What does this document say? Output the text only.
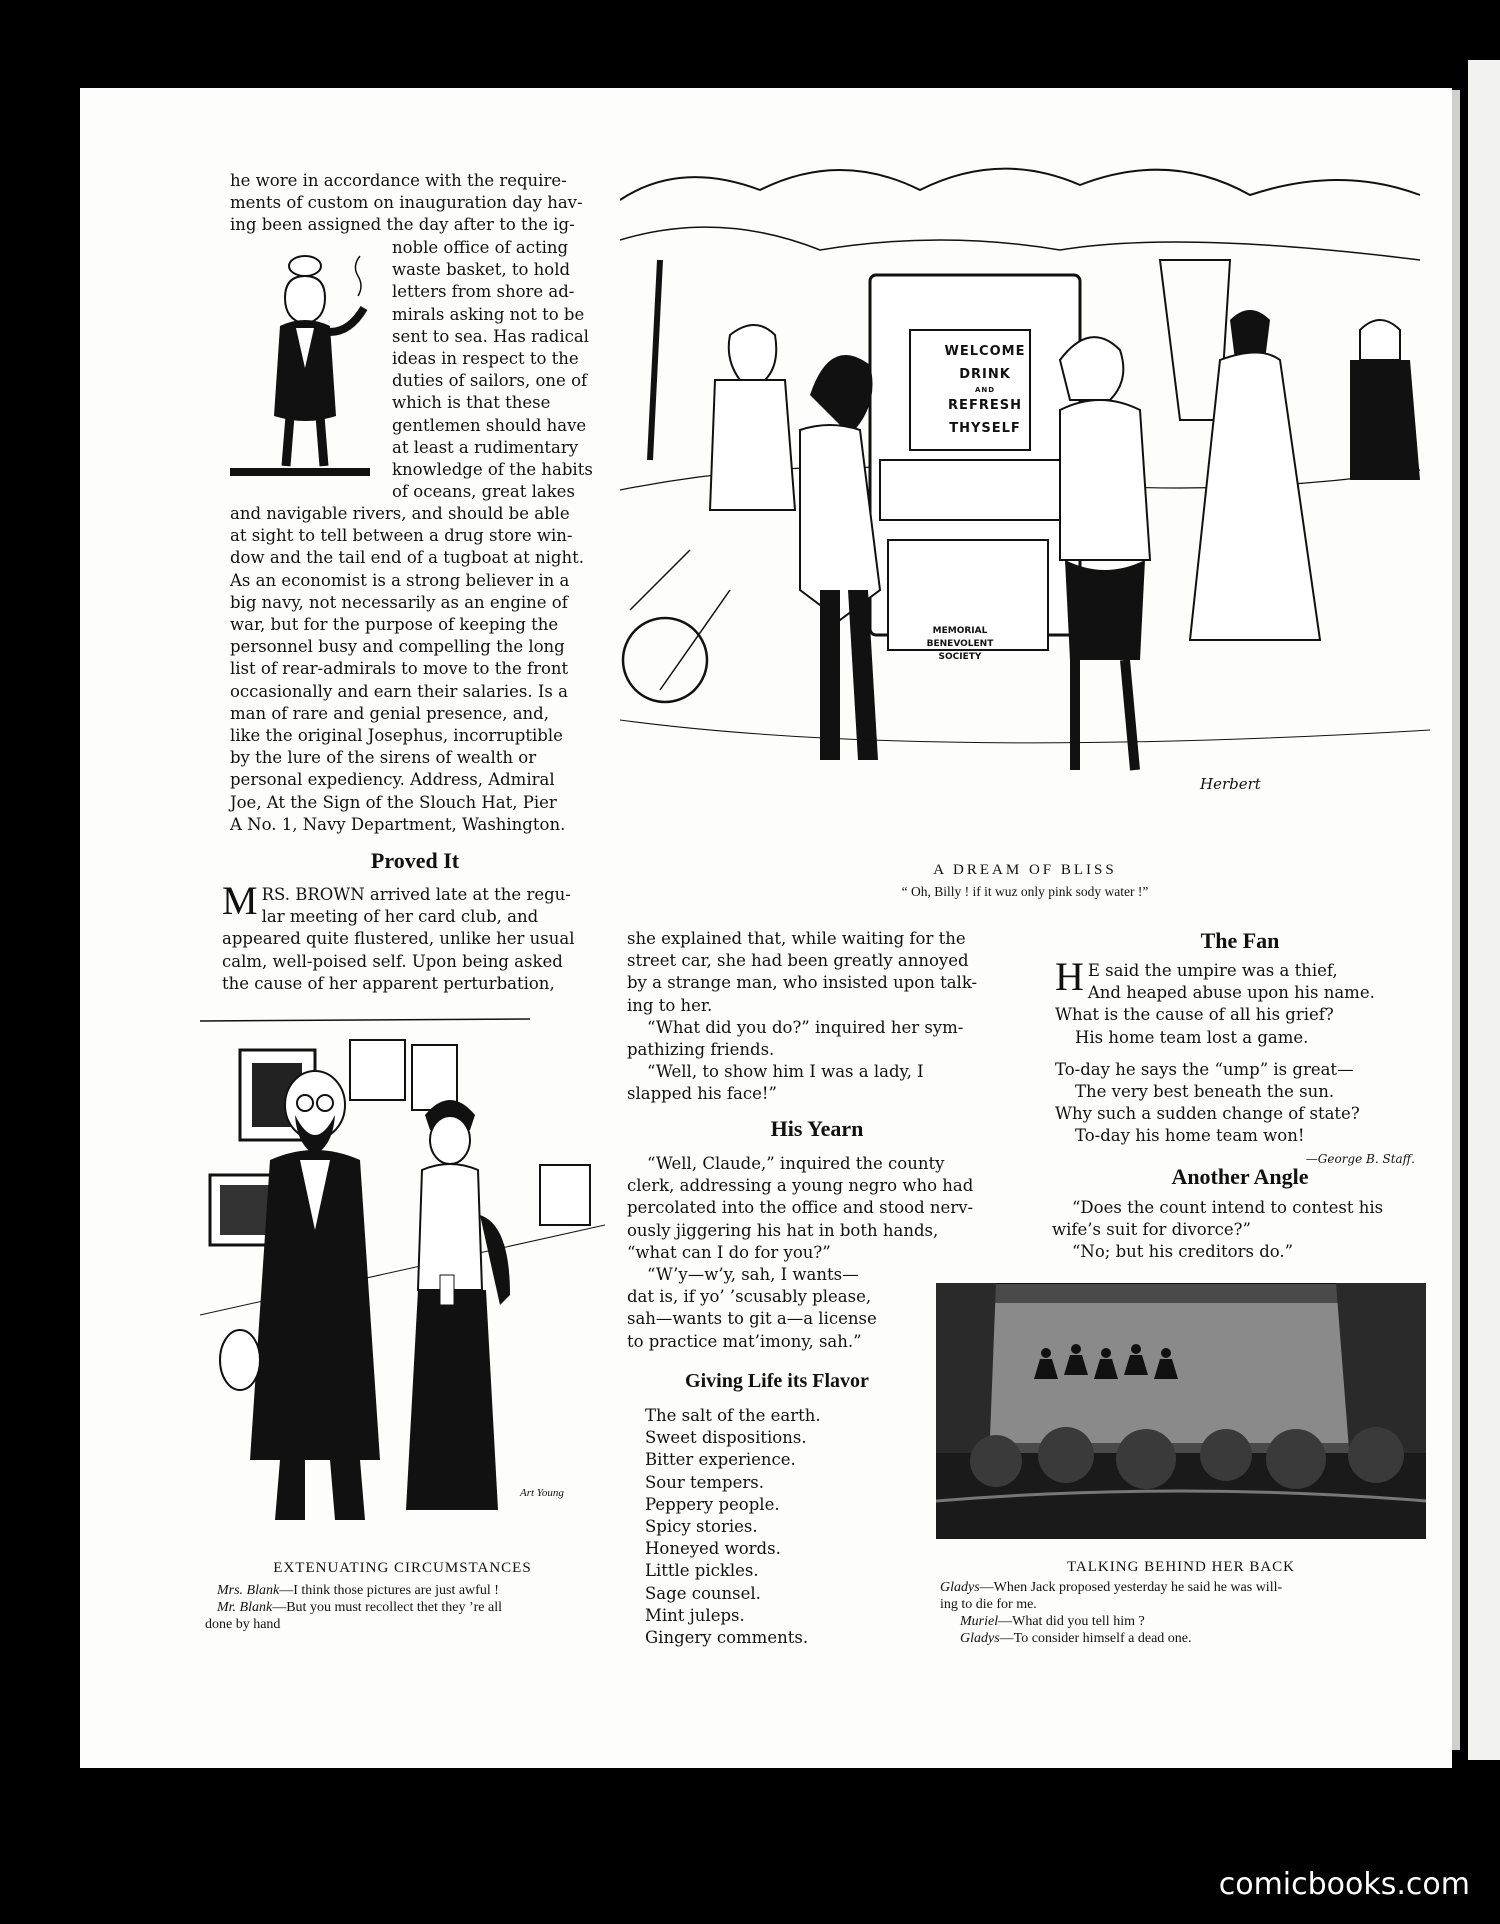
he wore in accordance with the require-

ments of custom on inauguration day hav-

ing been assigned the day after to the ig-

noble office of acting

waste basket, to hold

letters from shore ad-

mirals asking not to be

sent to sea. Has radical

ideas in respect to the

duties of sailors, one of

which is that these

gentlemen should have

at least a rudimentary

knowledge of the habits

of oceans, great lakes

and navigable rivers, and should be able

at sight to tell between a drug store win-

dow and the tail end of a tugboat at night.

As an economist is a strong believer in a

big navy, not necessarily as an engine of

war, but for the purpose of keeping the

personnel busy and compelling the long

list of rear-admirals to move to the front

occasionally and earn their salaries. Is a

man of rare and genial presence, and,

like the original Josephus, incorruptible

by the lure of the sirens of wealth or

personal expediency. Address, Admiral

Joe, At the Sign of the Slouch Hat, Pier

A No. 1, Navy Department, Washington.

Proved It
M RS. BROWN arrived late at the regu-

lar meeting of her card club, and

appeared quite flustered, unlike her usual

calm, well-poised self. Upon being asked

the cause of her apparent perturbation,

Art Young
EXTENUATING CIRCUMSTANCES
Mrs. Blank—I think those pictures are just awful !
Mr. Blank—But you must recollect thet they ’re all
done by hand
WELCOME
DRINK
AND
REFRESH
THYSELF
MEMORIAL
BENEVOLENT
SOCIETY
Herbert
A DREAM OF BLISS
“ Oh, Billy ! if it wuz only pink sody water !”

she explained that, while waiting for the

street car, she had been greatly annoyed

by a strange man, who insisted upon talk-

ing to her.

“What did you do?” inquired her sym-

pathizing friends.

“Well, to show him I was a lady, I

slapped his face!”

His Yearn

“Well, Claude,” inquired the county

clerk, addressing a young negro who had

percolated into the office and stood nerv-

ously jiggering his hat in both hands,

“what can I do for you?”

“W’y—w’y, sah, I wants—

dat is, if yo’ ’scusably please,

sah—wants to git a—a license

to practice mat’imony, sah.”

Giving Life its Flavor
The salt of the earth.
Sweet dispositions.
Bitter experience.
Sour tempers.
Peppery people.
Spicy stories.
Honeyed words.
Little pickles.
Sage counsel.
Mint juleps.
Gingery comments.
The Fan
H E said the umpire was a thief,

And heaped abuse upon his name.

What is the cause of all his grief?

His home team lost a game.

To-day he says the “ump” is great—

The very best beneath the sun.

Why such a sudden change of state?

To-day his home team won!

—George B. Staff.

Another Angle

“Does the count intend to contest his

wife’s suit for divorce?”

“No; but his creditors do.”

TALKING BEHIND HER BACK
Gladys—When Jack proposed yesterday he said he was will-
ing to die for me.
Muriel—What did you tell him ?
Gladys—To consider himself a dead one.
comicbooks.com
